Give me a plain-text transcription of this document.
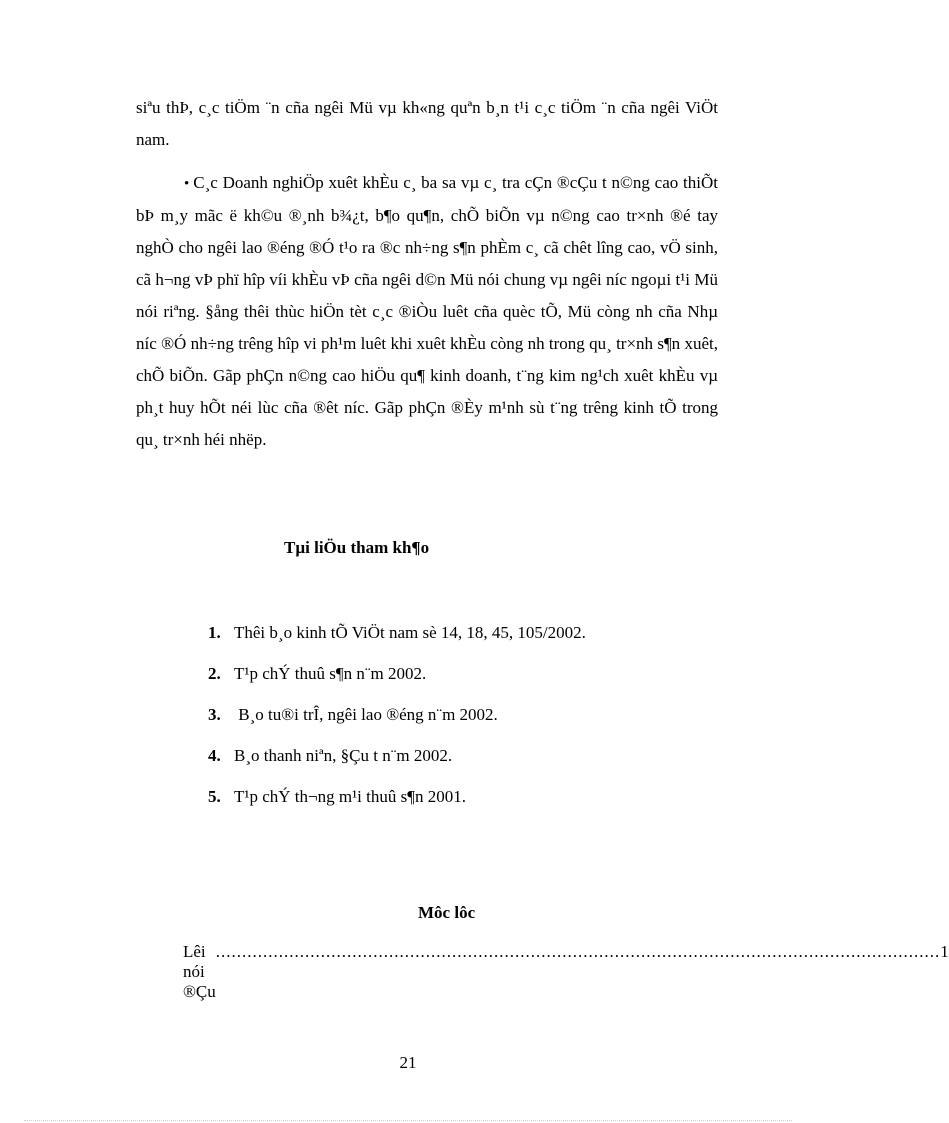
siªu thÞ, c¸c tiÖm ¨n cña ngêi Mü vµ kh«ng quªn b¸n t¹i c¸c tiÖm ¨n cña ngêi ViÖt nam.

• C¸c Doanh nghiÖp xuêt khÈu c¸ ba sa vµ c¸ tra cÇn ®cÇu t n©ng cao thiÕt bÞ m¸y mãc ë kh©u ®¸nh b¾¿t, b¶o qu¶n, chÕ biÕn vµ n©ng cao tr×nh ®é tay nghÒ cho ngêi lao ®éng ®Ó t¹o ra ®c nh÷ng s¶n phÈm c¸ cã chêt lîng cao, vÖ sinh, cã h¬ng vÞ phï hîp víi khÈu vÞ cña ngêi d©n Mü nói chung vµ ngêi níc ngoµi t¹i Mü nói riªng. §ång thêi thùc hiÖn tèt c¸c ®iÒu luêt cña quèc tÕ, Mü còng nh cña Nhµ níc ®Ó nh÷ng trêng hîp vi ph¹m luêt khi xuêt khÈu còng nh trong qu¸ tr×nh s¶n xuêt, chÕ biÕn. Gãp phÇn n©ng cao hiÖu qu¶ kinh doanh, t¨ng kim ng¹ch xuêt khÈu vµ ph¸t huy hÕt néi lùc cña ®êt níc. Gãp phÇn ®Èy m¹nh sù t¨ng trêng kinh tÕ trong qu¸ tr×nh héi nhëp.

Tµi liÖu tham kh¶o
1. Thêi b¸o kinh tÕ ViÖt nam sè 14, 18, 45, 105/2002.
2. T¹p chÝ thuû s¶n n¨m 2002.
3. B¸o tu®i trÎ, ngêi lao ®éng n¨m 2002.
4. B¸o thanh niªn, §Çu t n¨m 2002.
5. T¹p chÝ th¬ng m¹i thuû s¶n 2001.
Môc lôc
Lêi nói ®Çu
.......................................................................................................................................... 1
21
